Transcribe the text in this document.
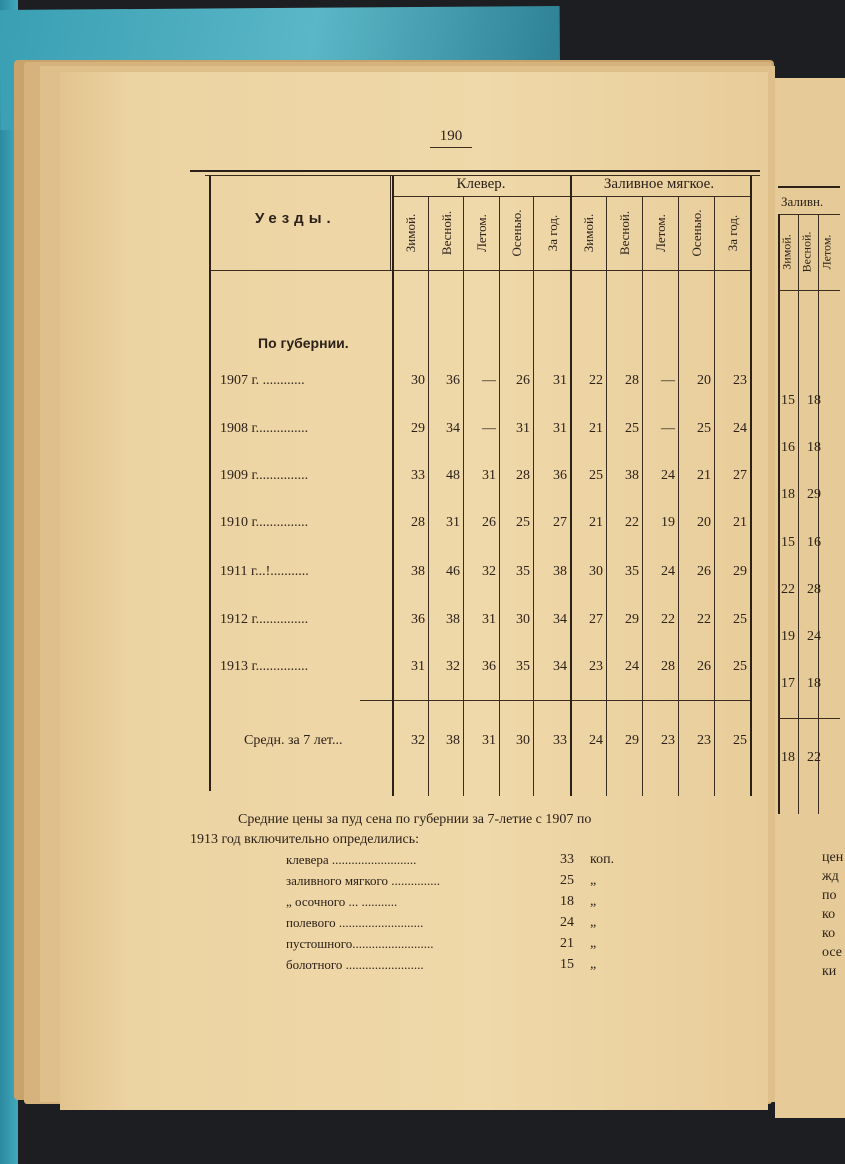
190
Уезды.
Клевер.
Зимой. Весной. Летом. Осенью. За год.
Заливное мягкое.
Зимой. Весной. Летом. Осенью. За год.
По губернии.
1907 г. ............	30	36	—	26	31	22	28	—	20	23
1908 г...............	29	34	—	31	31	21	25	—	25	24
1909 г...............	33	48	31	28	36	25	38	24	21	27
1910 г...............	28	31	26	25	27	21	22	19	20	21
1911 г...!...........	38	46	32	35	38	30	35	24	26	29
1912 г...............	36	38	31	30	34	27	29	22	22	25
1913 г...............	31	32	36	35	34	23	24	28	26	25
Средн. за 7 лет...	32	38	31	30	33	24	29	23	23	25
Средние цены за пуд сена по губернии за 7-летие с 1907 по
1913 год включительно определились:
клевера ..........................	33 коп.
заливного мягкого ...............	25 „
„ осочного ... ...........	18 „
полевого ..........................	24 „
пустошного.........................	21 „
болотного ........................	15 „
Заливн.
Зимой. Весной. Летом.
15 18
16 18
18 29
15 16
22 28
19 24
17 18
18 22
цен
жд
по
ко
ко
осе
ки
